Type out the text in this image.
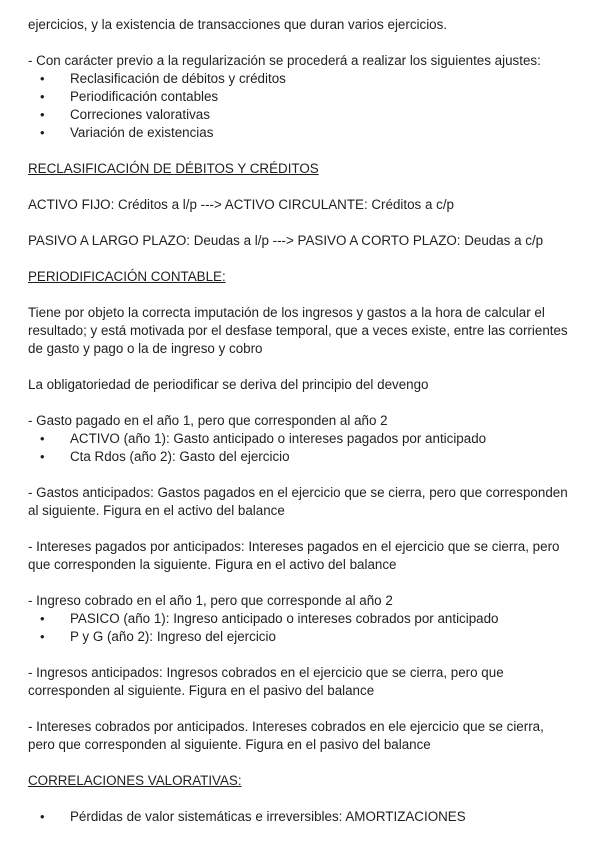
ejercicios, y la existencia de transacciones que duran varios ejercicios.
- Con carácter previo a la regularización se procederá a realizar los siguientes ajustes:
• Reclasificación de débitos y créditos
• Periodificación contables
• Correciones valorativas
• Variación de existencias
RECLASIFICACIÓN DE DÉBITOS Y CRÉDITOS
ACTIVO FIJO: Créditos a l/p ---> ACTIVO CIRCULANTE: Créditos a c/p
PASIVO A LARGO PLAZO: Deudas a l/p ---> PASIVO A CORTO PLAZO: Deudas a c/p
PERIODIFICACIÓN CONTABLE:
Tiene por objeto la correcta imputación de los ingresos y gastos a la hora de calcular el resultado; y está motivada por el desfase temporal, que a veces existe, entre las corrientes de gasto y pago o la de ingreso y cobro
La obligatoriedad de periodificar se deriva del principio del devengo
- Gasto pagado en el año 1, pero que corresponden al año 2
• ACTIVO (año 1): Gasto anticipado o intereses pagados por anticipado
• Cta Rdos (año 2): Gasto del ejercicio
- Gastos anticipados: Gastos pagados en el ejercicio que se cierra, pero que corresponden al siguiente. Figura en el activo del balance
- Intereses pagados por anticipados: Intereses pagados en el ejercicio que se cierra, pero que corresponden la siguiente. Figura en el activo del balance
- Ingreso cobrado en el año 1, pero que corresponde al año 2
• PASICO (año 1): Ingreso anticipado o intereses cobrados por anticipado
• P y G (año 2): Ingreso del ejercicio
- Ingresos anticipados: Ingresos cobrados en el ejercicio que se cierra, pero que corresponden al siguiente. Figura en el pasivo del balance
- Intereses cobrados por anticipados. Intereses cobrados en ele ejercicio que se cierra, pero que corresponden al siguiente. Figura en el pasivo del balance
CORRELACIONES VALORATIVAS:
• Pérdidas de valor sistemáticas e irreversibles: AMORTIZACIONES
